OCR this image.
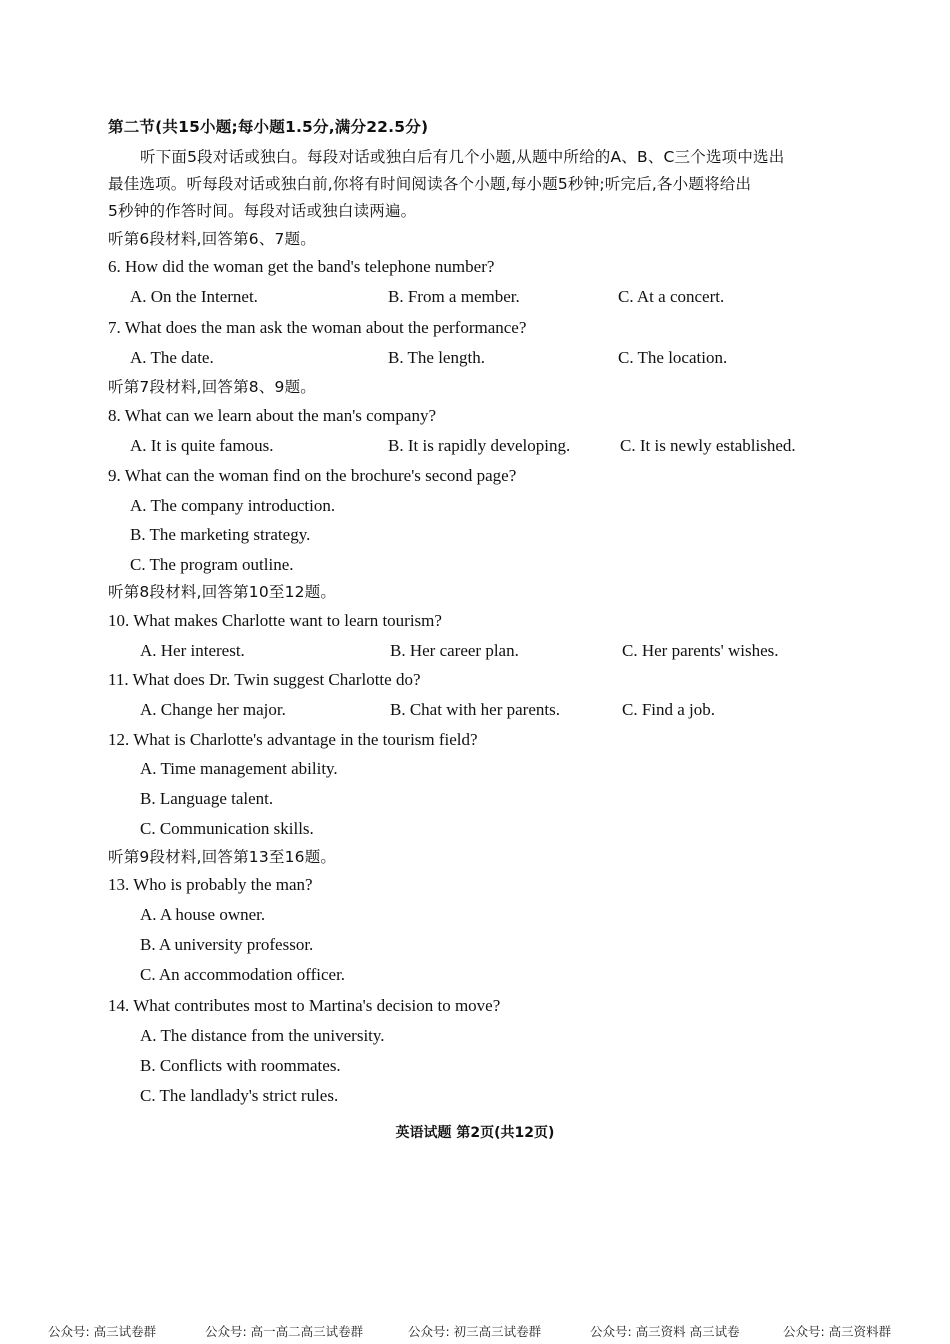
第二节(共15小题;每小题1.5分,满分22.5分)
听下面5段对话或独白。每段对话或独白后有几个小题,从题中所给的A、B、C三个选项中选出
最佳选项。听每段对话或独白前,你将有时间阅读各个小题,每小题5秒钟;听完后,各小题将给出
5秒钟的作答时间。每段对话或独白读两遍。
听第6段材料,回答第6、7题。
6. How did the woman get the band's telephone number?
A. On the Internet.	B. From a member.	C. At a concert.
7. What does the man ask the woman about the performance?
A. The date.	B. The length.	C. The location.
听第7段材料,回答第8、9题。
8. What can we learn about the man's company?
A. It is quite famous.	B. It is rapidly developing.	C. It is newly established.
9. What can the woman find on the brochure's second page?
A. The company introduction.
B. The marketing strategy.
C. The program outline.
听第8段材料,回答第10至12题。
10. What makes Charlotte want to learn tourism?
A. Her interest.	B. Her career plan.	C. Her parents' wishes.
11. What does Dr. Twin suggest Charlotte do?
A. Change her major.	B. Chat with her parents.	C. Find a job.
12. What is Charlotte's advantage in the tourism field?
A. Time management ability.
B. Language talent.
C. Communication skills.
听第9段材料,回答第13至16题。
13. Who is probably the man?
A. A house owner.
B. A university professor.
C. An accommodation officer.
14. What contributes most to Martina's decision to move?
A. The distance from the university.
B. Conflicts with roommates.
C. The landlady's strict rules.
英语试题 第2页(共12页)
公众号: 高三试卷群	公众号: 高一高二高三试卷群	公众号: 初三高三试卷群	公众号: 高三资料 高三试卷	公众号: 高三资料群
